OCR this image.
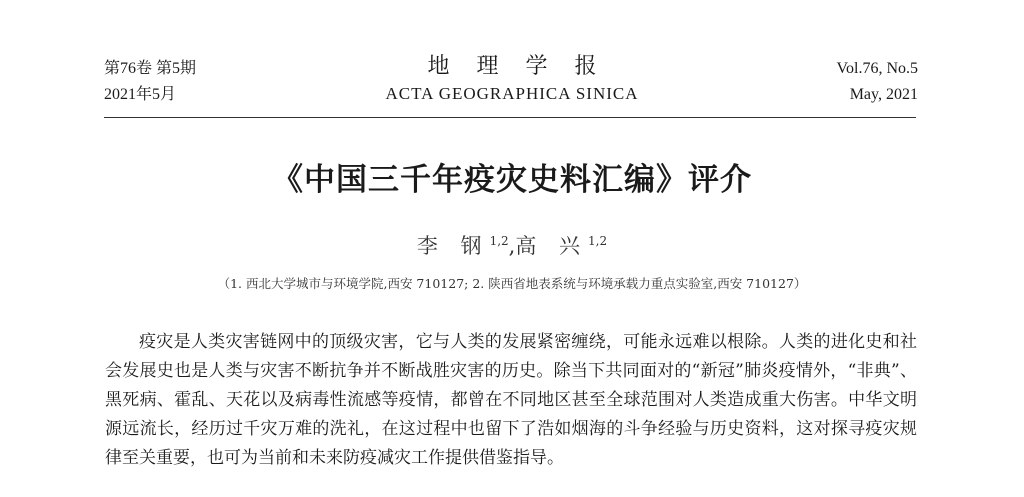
第76卷 第5期
2021年5月
地 理 学 报
ACTA GEOGRAPHICA SINICA
Vol.76, No.5
May, 2021
《中国三千年疫灾史料汇编》评介
李 钢$^{1,2}$,高 兴$^{1,2}$
（1. 西北大学城市与环境学院,西安 710127; 2. 陕西省地表系统与环境承载力重点实验室,西安 710127）
疫灾是人类灾害链网中的顶级灾害，它与人类的发展紧密缠绕，可能永远难以根除。人类的进化史和社会发展史也是人类与灾害不断抗争并不断战胜灾害的历史。除当下共同面对的“新冠”肺炎疫情外，“非典”、黑死病、霍乱、天花以及病毒性流感等疫情，都曾在不同地区甚至全球范围对人类造成重大伤害。中华文明源远流长，经历过千灾万难的洗礼，在这过程中也留下了浩如烟海的斗争经验与历史资料，这对探寻疫灾规律至关重要，也可为当前和未来防疫减灾工作提供借鉴指导。
